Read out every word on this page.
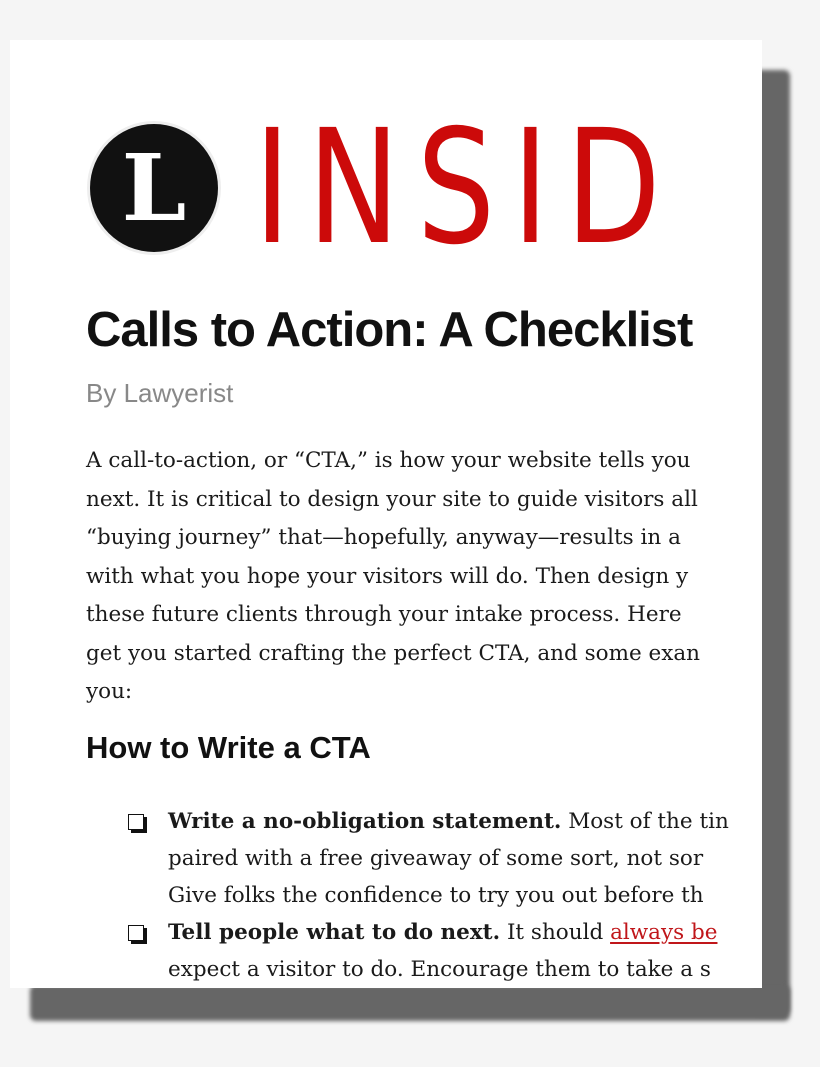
L INSID
Calls to Action: A Checklist
By Lawyerist
A call-to-action, or “CTA,” is how your website tells you
next. It is critical to design your site to guide visitors all
“buying journey” that—hopefully, anyway—results in a
with what you hope your visitors will do. Then design y
these future clients through your intake process. Here
get you started crafting the perfect CTA, and some exan
you:
How to Write a CTA
Write a no-obligation statement. Most of the tin
paired with a free giveaway of some sort, not sor
Give folks the confidence to try you out before th
Tell people what to do next. It should always be
expect a visitor to do. Encourage them to take a s
